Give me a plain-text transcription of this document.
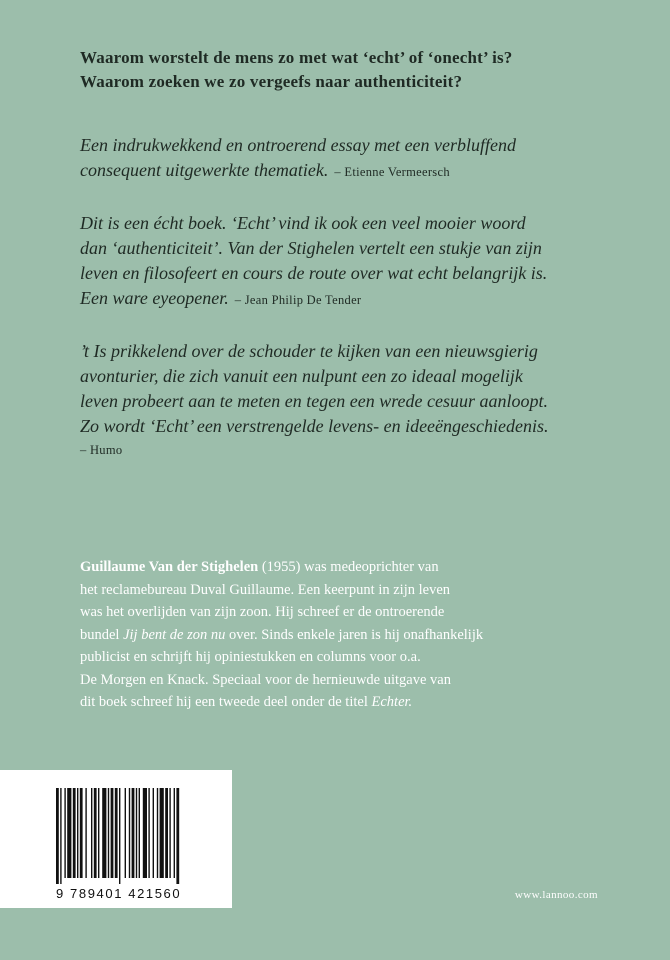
Waarom worstelt de mens zo met wat ‘echt’ of ‘onecht’ is?
Waarom zoeken we zo vergeefs naar authenticiteit?
Een indrukwekkend en ontroerend essay met een verbluffend
consequent uitgewerkte thematiek. – Etienne Vermeersch
Dit is een écht boek. ‘Echt’ vind ik ook een veel mooier woord
dan ‘authenticiteit’. Van der Stighelen vertelt een stukje van zijn
leven en filosofeert en cours de route over wat echt belangrijk is.
Een ware eyeopener. – Jean Philip De Tender
’t Is prikkelend over de schouder te kijken van een nieuwsgierig
avonturier, die zich vanuit een nulpunt een zo ideaal mogelijk
leven probeert aan te meten en tegen een wrede cesuur aanloopt.
Zo wordt ‘Echt’ een verstrengelde levens- en ideeëngeschiedenis.
– Humo
Guillaume Van der Stighelen (1955) was medeoprichter van
het reclamebureau Duval Guillaume. Een keerpunt in zijn leven
was het overlijden van zijn zoon. Hij schreef er de ontroerende
bundel Jij bent de zon nu over. Sinds enkele jaren is hij onafhankelijk
publicist en schrijft hij opiniestukken en columns voor o.a.
De Morgen en Knack. Speciaal voor de hernieuwde uitgave van
dit boek schreef hij een tweede deel onder de titel Echter.
9 789401 421560	www.lannoo.com
